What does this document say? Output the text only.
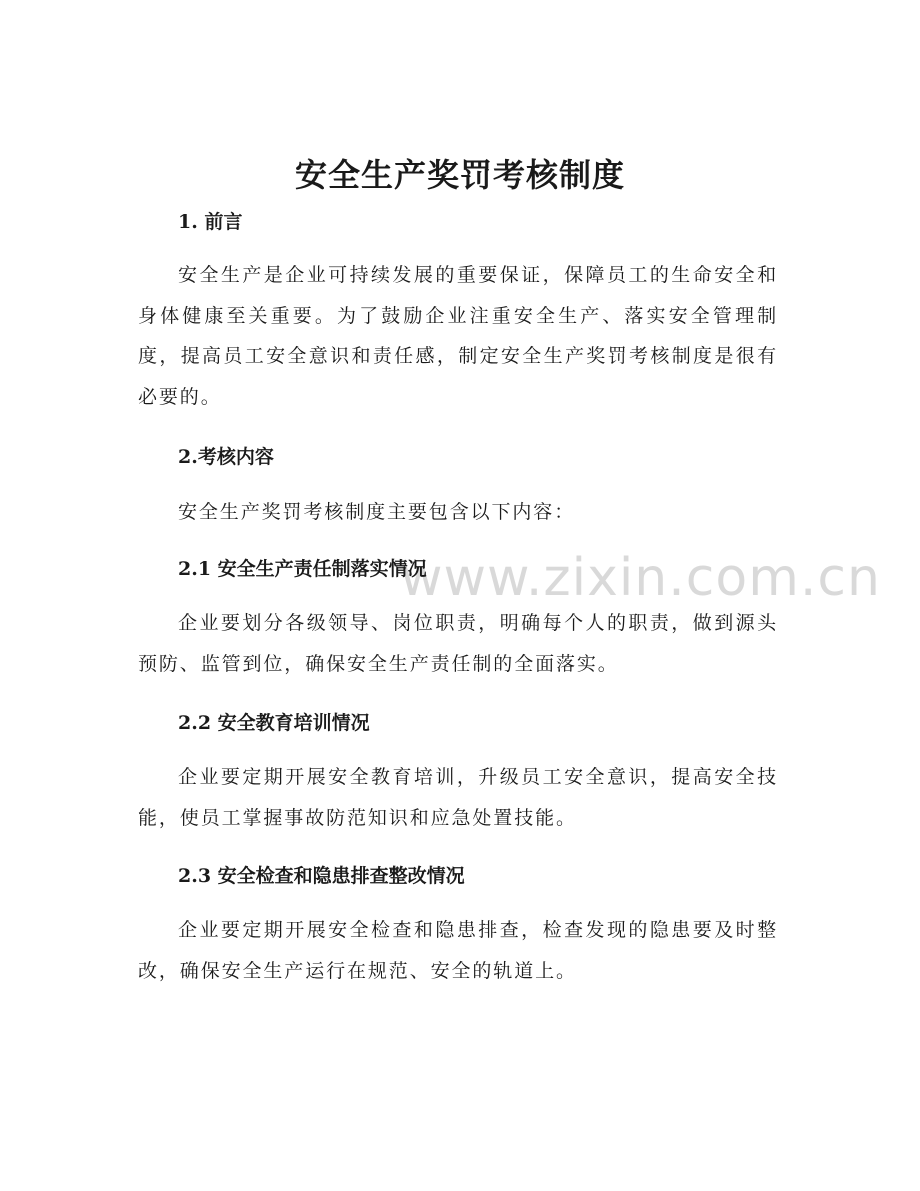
www.zixin.com.cn
安全生产奖罚考核制度
1. 前言

安全生产是企业可持续发展的重要保证，保障员工的生命安全和身体健康至关重要。为了鼓励企业注重安全生产、落实安全管理制度，提高员工安全意识和责任感，制定安全生产奖罚考核制度是很有必要的。

2.考核内容

安全生产奖罚考核制度主要包含以下内容：

2.1 安全生产责任制落实情况

企业要划分各级领导、岗位职责，明确每个人的职责，做到源头预防、监管到位，确保安全生产责任制的全面落实。

2.2 安全教育培训情况

企业要定期开展安全教育培训，升级员工安全意识，提高安全技能，使员工掌握事故防范知识和应急处置技能。

2.3 安全检查和隐患排查整改情况

企业要定期开展安全检查和隐患排查，检查发现的隐患要及时整改，确保安全生产运行在规范、安全的轨道上。
